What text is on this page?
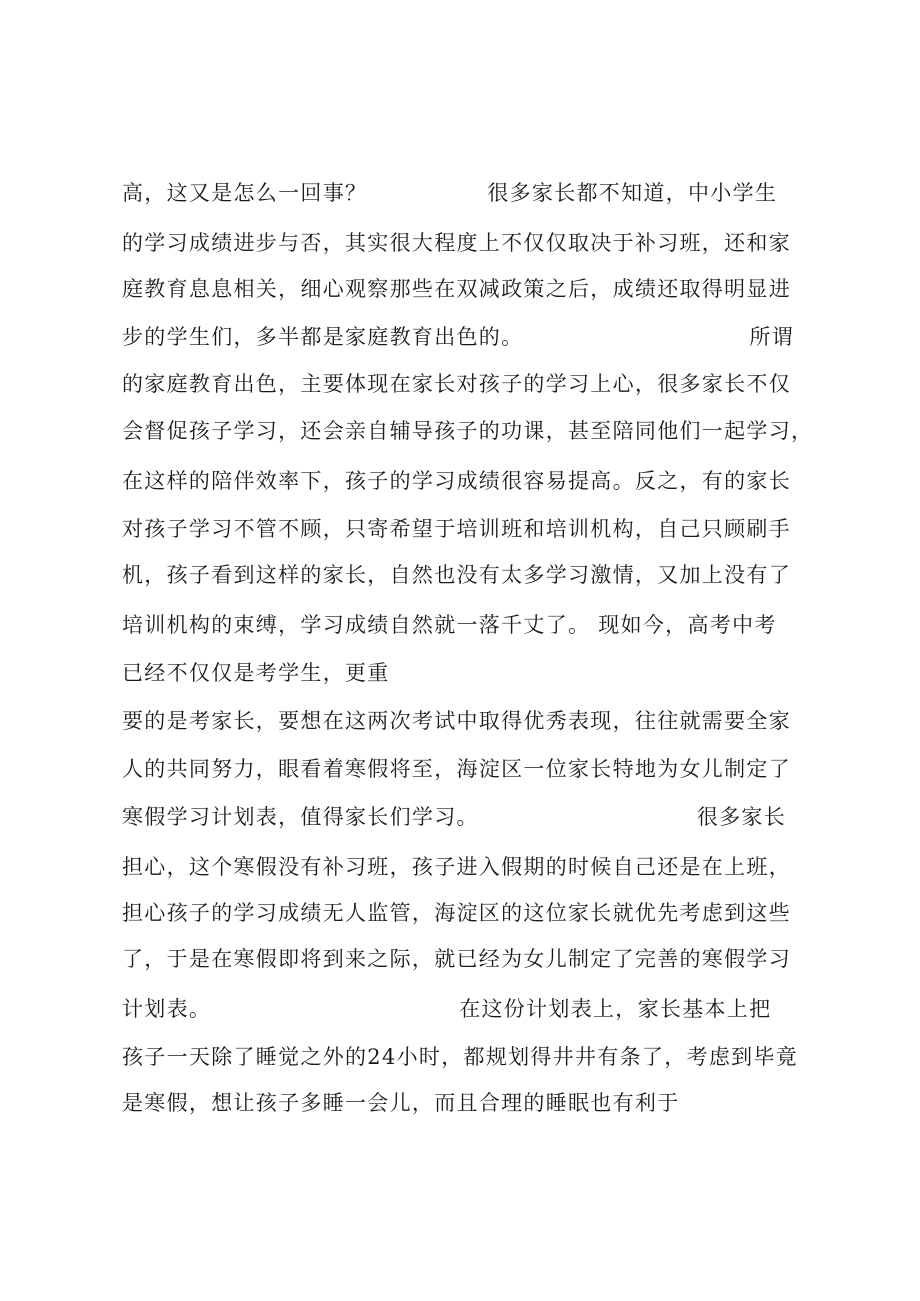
高，这又是怎么一回事？	很多家长都不知道，中小学生
的学习成绩进步与否，其实很大程度上不仅仅取决于补习班，还和家
庭教育息息相关，细心观察那些在双减政策之后，成绩还取得明显进
步的学生们，多半都是家庭教育出色的。	所谓
的家庭教育出色，主要体现在家长对孩子的学习上心，很多家长不仅
会督促孩子学习，还会亲自辅导孩子的功课，甚至陪同他们一起学习，
在这样的陪伴效率下，孩子的学习成绩很容易提高。反之，有的家长
对孩子学习不管不顾，只寄希望于培训班和培训机构，自己只顾刷手
机，孩子看到这样的家长，自然也没有太多学习激情，又加上没有了
培训机构的束缚，学习成绩自然就一落千丈了。 现如今，高考中考
已经不仅仅是考学生，更重
要的是考家长，要想在这两次考试中取得优秀表现，往往就需要全家
人的共同努力，眼看着寒假将至，海淀区一位家长特地为女儿制定了
寒假学习计划表，值得家长们学习。	很多家长
担心，这个寒假没有补习班，孩子进入假期的时候自己还是在上班，
担心孩子的学习成绩无人监管，海淀区的这位家长就优先考虑到这些
了，于是在寒假即将到来之际，就已经为女儿制定了完善的寒假学习
计划表。	在这份计划表上，家长基本上把
孩子一天除了睡觉之外的24小时，都规划得井井有条了，考虑到毕竟
是寒假，想让孩子多睡一会儿，而且合理的睡眠也有利于
